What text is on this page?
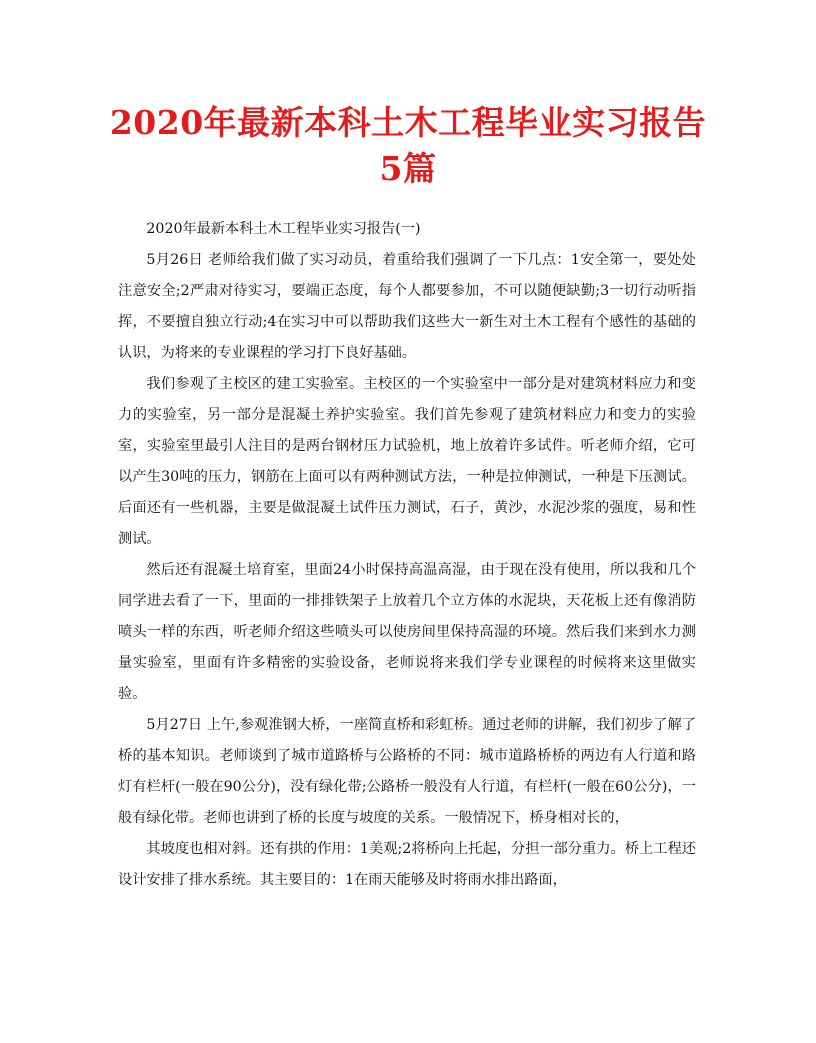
2020年最新本科土木工程毕业实习报告
5篇

2020年最新本科土木工程毕业实习报告(一)

5月26日 老师给我们做了实习动员，着重给我们强调了一下几点：1安全第一，要处处注意安全;2严肃对待实习，要端正态度，每个人都要参加，不可以随便缺勤;3一切行动听指挥，不要擅自独立行动;4在实习中可以帮助我们这些大一新生对土木工程有个感性的基础的认识，为将来的专业课程的学习打下良好基础。

我们参观了主校区的建工实验室。主校区的一个实验室中一部分是对建筑材料应力和变力的实验室，另一部分是混凝土养护实验室。我们首先参观了建筑材料应力和变力的实验室，实验室里最引人注目的是两台钢材压力试验机，地上放着许多试件。听老师介绍，它可以产生30吨的压力，钢筋在上面可以有两种测试方法，一种是拉伸测试，一种是下压测试。后面还有一些机器，主要是做混凝土试件压力测试，石子，黄沙，水泥沙浆的强度，易和性测试。

然后还有混凝土培育室，里面24小时保持高温高湿，由于现在没有使用，所以我和几个同学进去看了一下，里面的一排排铁架子上放着几个立方体的水泥块，天花板上还有像消防喷头一样的东西，听老师介绍这些喷头可以使房间里保持高湿的环境。然后我们来到水力测量实验室，里面有许多精密的实验设备，老师说将来我们学专业课程的时候将来这里做实验。

5月27日 上午,参观淮钢大桥，一座简直桥和彩虹桥。通过老师的讲解，我们初步了解了桥的基本知识。老师谈到了城市道路桥与公路桥的不同：城市道路桥桥的两边有人行道和路灯有栏杆(一般在90公分)，没有绿化带;公路桥一般没有人行道，有栏杆(一般在60公分)，一般有绿化带。老师也讲到了桥的长度与坡度的关系。一般情况下，桥身相对长的，

其坡度也相对斜。还有拱的作用：1美观;2将桥向上托起，分担一部分重力。桥上工程还设计安排了排水系统。其主要目的：1在雨天能够及时将雨水排出路面，
